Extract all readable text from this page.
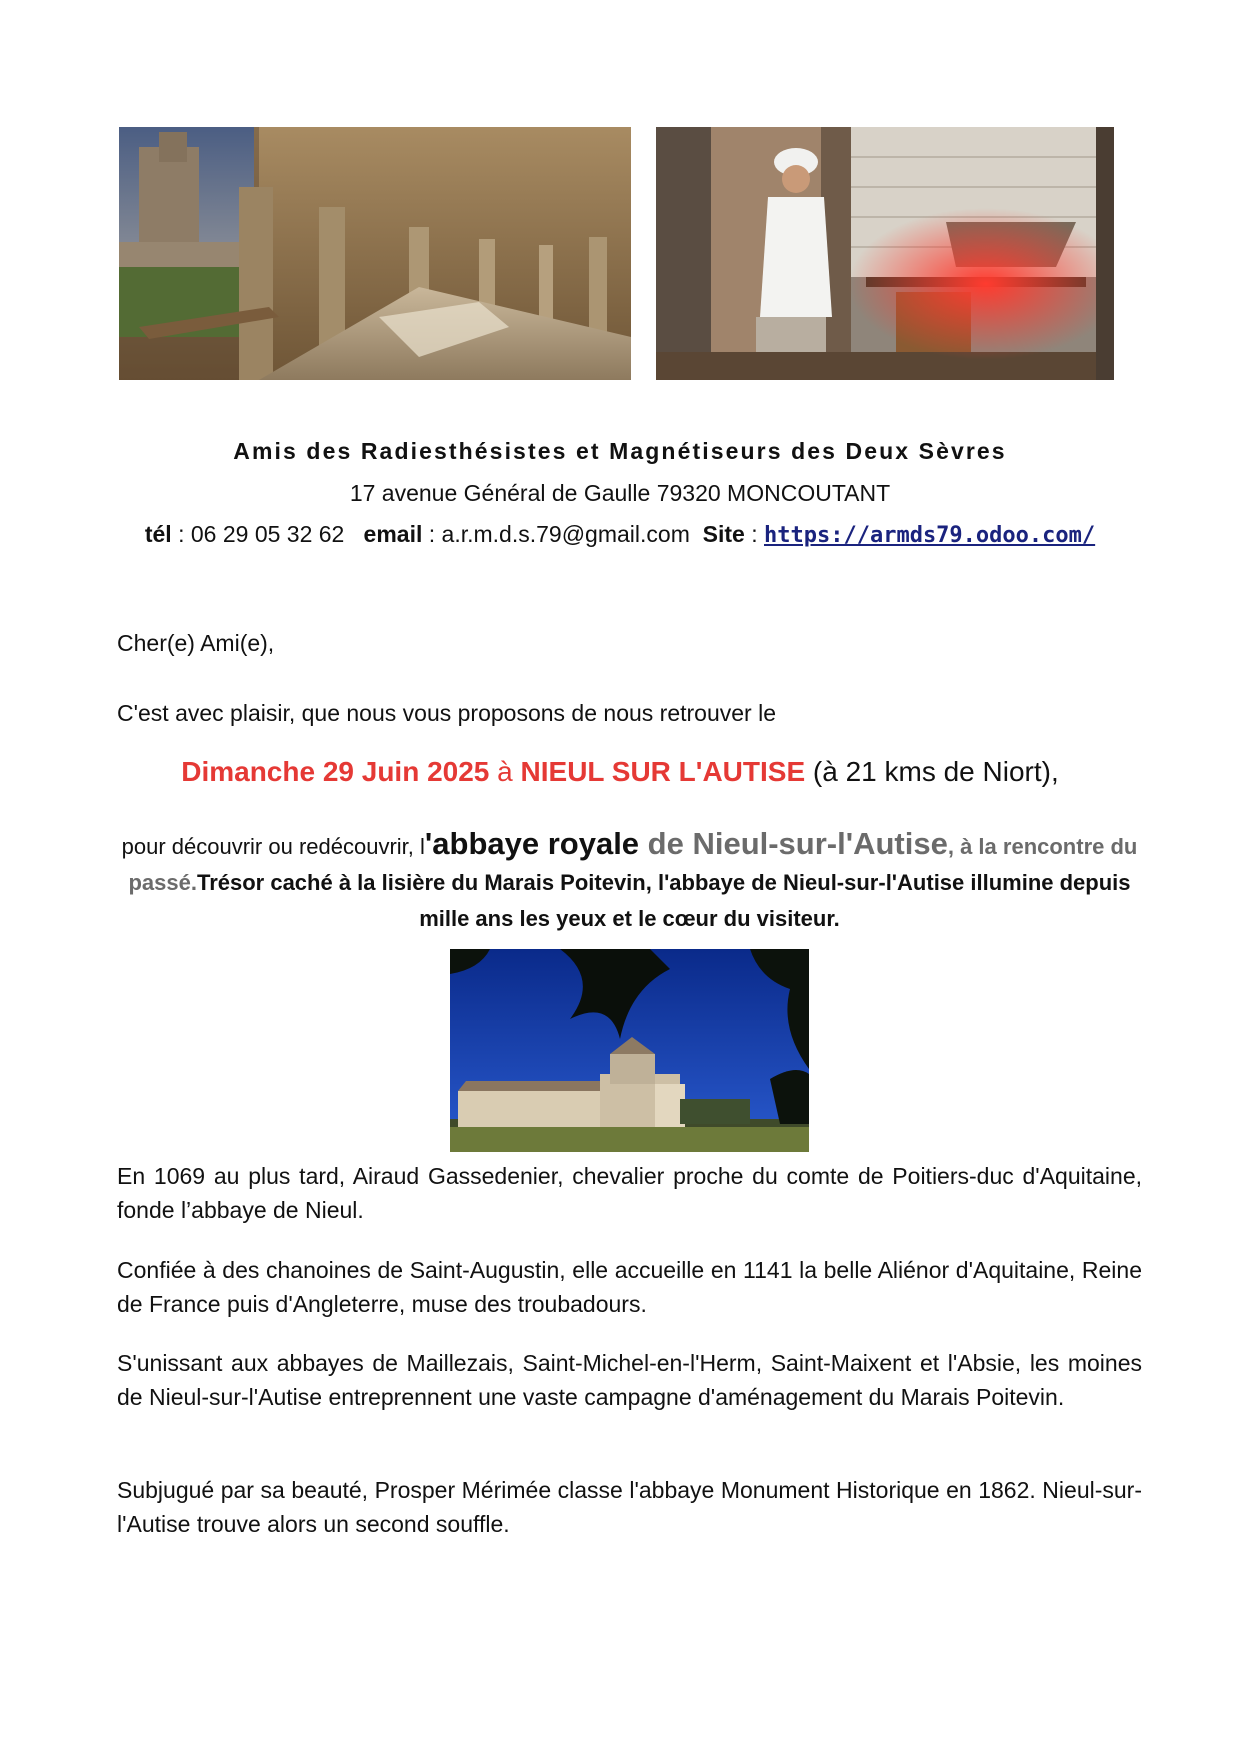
Amis des Radiesthésistes et Magnétiseurs des Deux Sèvres
17 avenue Général de Gaulle 79320 MONCOUTANT
tél : 06 29 05 32 62 email : a.r.m.d.s.79@gmail.com Site : https://armds79.odoo.com/
Cher(e) Ami(e),
C'est avec plaisir, que nous vous proposons de nous retrouver le
Dimanche 29 Juin 2025 à NIEUL SUR L'AUTISE (à 21 kms de Niort),
pour découvrir ou redécouvrir, l'abbaye royale de Nieul-sur-l'Autise, à la rencontre du passé.Trésor caché à la lisière du Marais Poitevin, l'abbaye de Nieul-sur-l'Autise illumine depuis mille ans les yeux et le cœur du visiteur.
En 1069 au plus tard, Airaud Gassedenier, chevalier proche du comte de Poitiers-duc d'Aquitaine, fonde l’abbaye de Nieul.
Confiée à des chanoines de Saint-Augustin, elle accueille en 1141 la belle Aliénor d'Aquitaine, Reine de France puis d'Angleterre, muse des troubadours.
S'unissant aux abbayes de Maillezais, Saint-Michel-en-l'Herm, Saint-Maixent et l'Absie, les moines de Nieul-sur-l'Autise entreprennent une vaste campagne d'aménagement du Marais Poitevin.
Subjugué par sa beauté, Prosper Mérimée classe l'abbaye Monument Historique en 1862. Nieul-sur-l'Autise trouve alors un second souffle.
